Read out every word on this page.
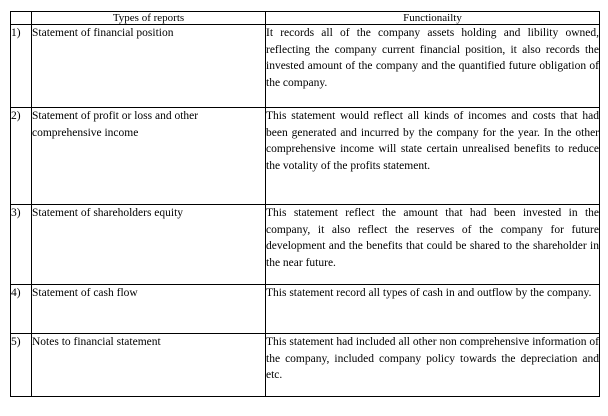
	Types of reports	Functionailty
1)	Statement of financial position	It records all of the company assets holding and libility owned, reflecting the company current financial position, it also records the invested amount of the company and the quantified future obligation of the company.
2)	Statement of profit or loss and other comprehensive income	This statement would reflect all kinds of incomes and costs that had been generated and incurred by the company for the year. In the other comprehensive income will state certain unrealised benefits to reduce the votality of the profits statement.
3)	Statement of shareholders equity	This statement reflect the amount that had been invested in the company, it also reflect the reserves of the company for future development and the benefits that could be shared to the shareholder in the near future.
4)	Statement of cash flow	This statement record all types of cash in and outflow by the company.
5)	Notes to financial statement	This statement had included all other non comprehensive information of the company, included company policy towards the depreciation and etc.
